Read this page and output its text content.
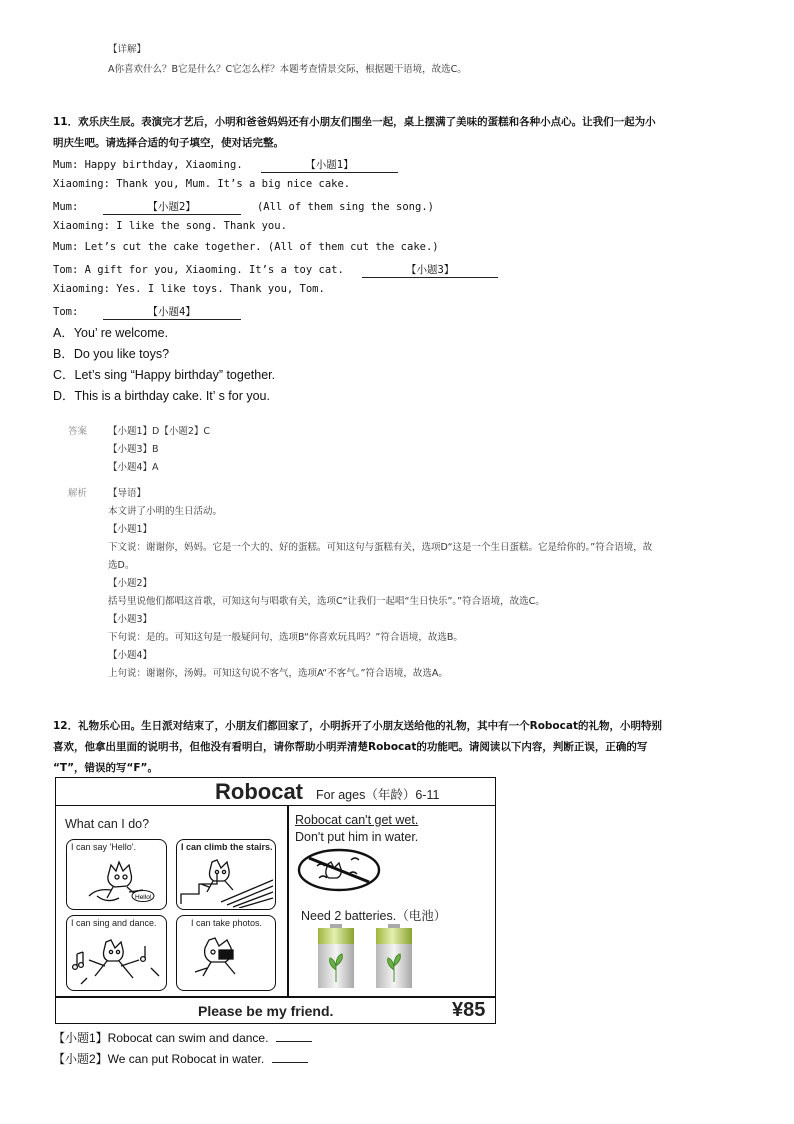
【详解】
A你喜欢什么？B它是什么？C它怎么样？本题考查情景交际，根据题干语境，故选C。
11．欢乐庆生辰。表演完才艺后，小明和爸爸妈妈还有小朋友们围坐一起，桌上摆满了美味的蛋糕和各种小点心。让我们一起为小
明庆生吧。请选择合适的句子填空，使对话完整。
Mum: Happy birthday, Xiaoming.	【小题1】
Xiaoming: Thank you, Mum. It’s a big nice cake.
Mum:	【小题2】	(All of them sing the song.)
Xiaoming: I like the song. Thank you.
Mum: Let’s cut the cake together. (All of them cut the cake.)
Tom: A gift for you, Xiaoming. It’s a toy cat.	【小题3】
Xiaoming: Yes. I like toys. Thank you, Tom.
Tom:	【小题4】
A．You’ re welcome.
B．Do you like toys?
C．Let’s sing “Happy birthday” together.
D．This is a birthday cake. It’ s for you.
答案 【小题1】D【小题2】C
【小题3】B
【小题4】A
解析 【导语】
本文讲了小明的生日活动。
【小题1】
下文说：谢谢你，妈妈。它是一个大的、好的蛋糕。可知这句与蛋糕有关，选项D“这是一个生日蛋糕。它是给你的。”符合语境，故
选D。
【小题2】
括号里说他们都唱这首歌，可知这句与唱歌有关，选项C“让我们一起唱“生日快乐”。”符合语境，故选C。
【小题3】
下句说：是的。可知这句是一般疑问句，选项B“你喜欢玩具吗？”符合语境，故选B。
【小题4】
上句说：谢谢你，汤姆。可知这句说不客气，选项A“不客气。”符合语境，故选A。
12．礼物乐心田。生日派对结束了，小朋友们都回家了，小明拆开了小朋友送给他的礼物，其中有一个Robocat的礼物，小明特别
喜欢，他拿出里面的说明书，但他没有看明白，请你帮助小明弄清楚Robocat的功能吧。请阅读以下内容，判断正误，正确的写
“T”，错误的写“F”。
Robocat For ages（年龄）6-11
What can I do?
I can say 'Hello'.
Hello!
I can climb the stairs.
I can sing and dance.	I can take photos.
Robocat can't get wet.
Don't put him in water.
Need 2 batteries.（电池）
Please be my friend.	¥85
【小题1】Robocat can swim and dance.
【小题2】We can put Robocat in water.
